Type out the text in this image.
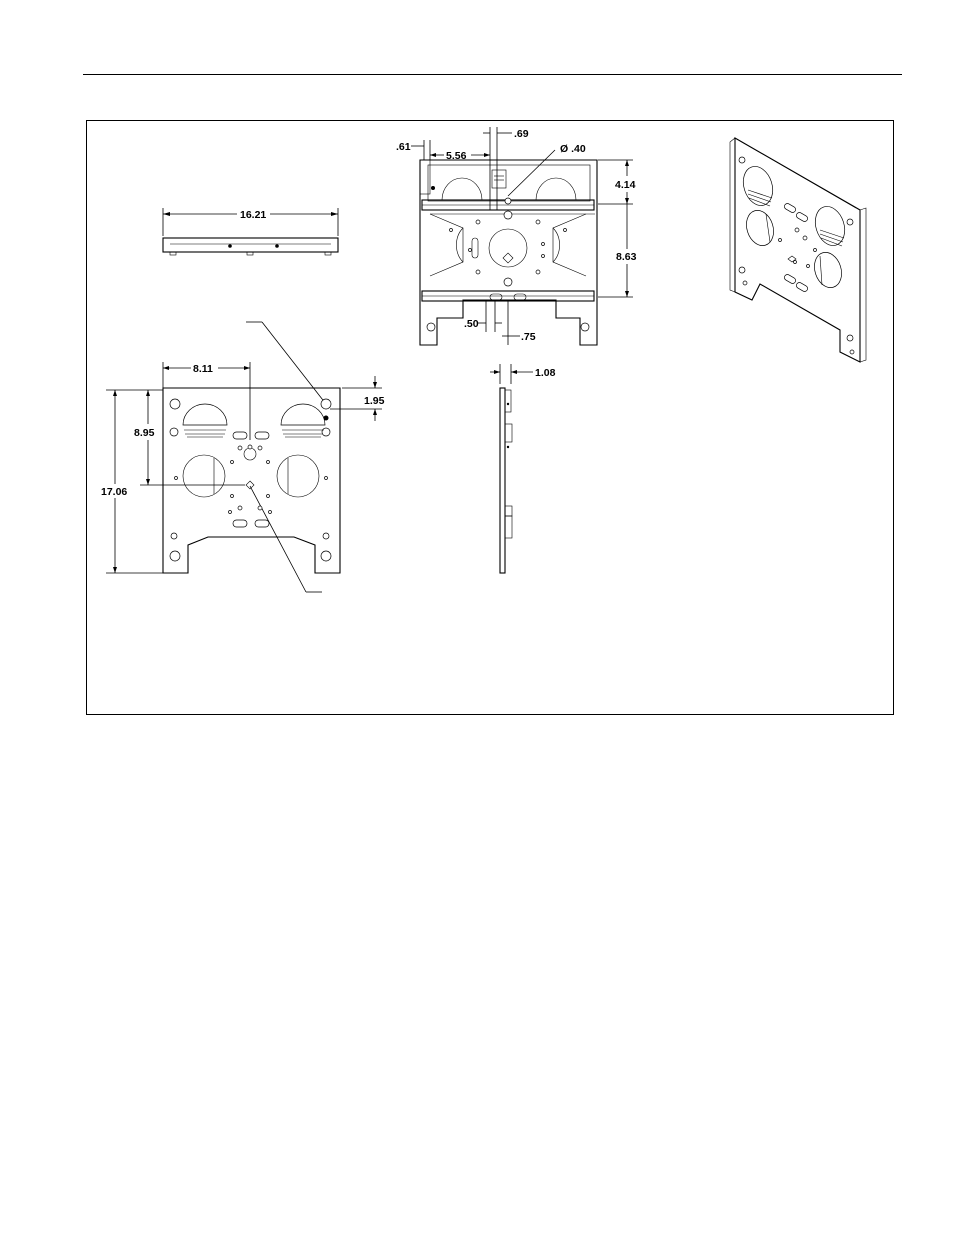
16.21
.61
5.56
.69
Ø .40
4.14
8.63
.50
.75
1.08
8.11
17.06
8.95
1.95
